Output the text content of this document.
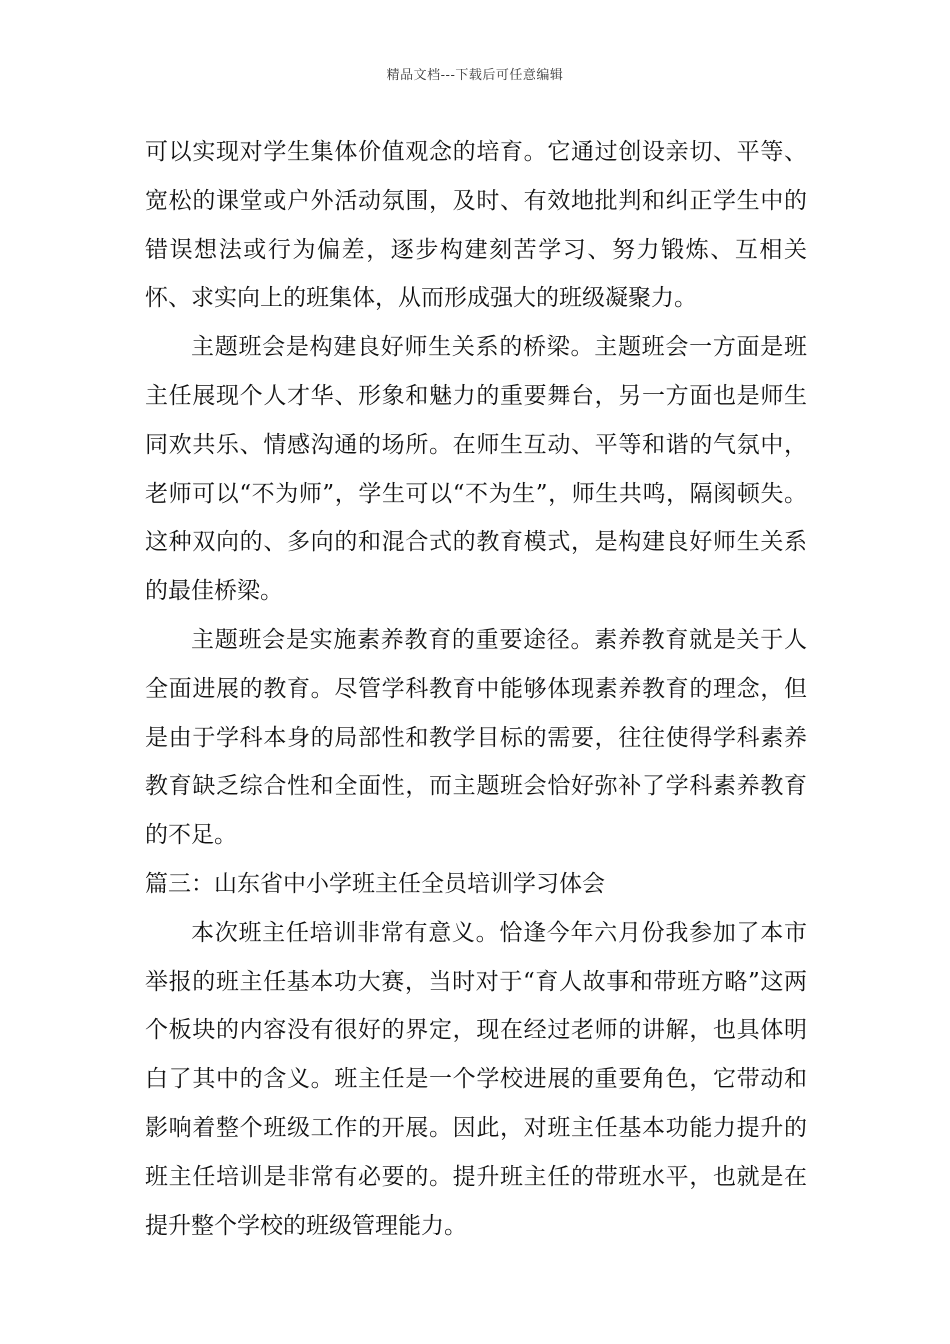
精品文档---下载后可任意编辑

可以实现对学生集体价值观念的培育。它通过创设亲切、平等、宽松的课堂或户外活动氛围，及时、有效地批判和纠正学生中的错误想法或行为偏差，逐步构建刻苦学习、努力锻炼、互相关怀、求实向上的班集体，从而形成强大的班级凝聚力。

主题班会是构建良好师生关系的桥梁。主题班会一方面是班主任展现个人才华、形象和魅力的重要舞台，另一方面也是师生同欢共乐、情感沟通的场所。在师生互动、平等和谐的气氛中，老师可以“不为师”，学生可以“不为生”，师生共鸣，隔阂顿失。这种双向的、多向的和混合式的教育模式，是构建良好师生关系的最佳桥梁。

主题班会是实施素养教育的重要途径。素养教育就是关于人全面进展的教育。尽管学科教育中能够体现素养教育的理念，但是由于学科本身的局部性和教学目标的需要，往往使得学科素养教育缺乏综合性和全面性，而主题班会恰好弥补了学科素养教育的不足。

篇三：山东省中小学班主任全员培训学习体会

本次班主任培训非常有意义。恰逢今年六月份我参加了本市举报的班主任基本功大赛，当时对于“育人故事和带班方略”这两个板块的内容没有很好的界定，现在经过老师的讲解，也具体明白了其中的含义。班主任是一个学校进展的重要角色，它带动和影响着整个班级工作的开展。因此，对班主任基本功能力提升的班主任培训是非常有必要的。提升班主任的带班水平，也就是在提升整个学校的班级管理能力。
